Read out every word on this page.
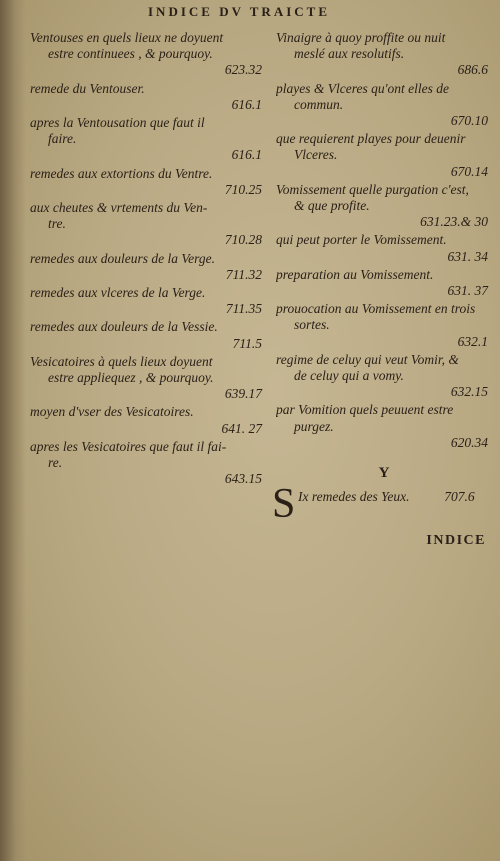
INDICE DV TRAICTE
Ventouses en quels lieux ne doyuent
estre continuees , & pourquoy.
623.32
remede du Ventouser.
616.1
apres la Ventousation que faut il
faire.
616.1
remedes aux extortions du Ventre.
710.25
aux cheutes & vrtements du Ven-
tre.
710.28
remedes aux douleurs de la Verge.
711.32
remedes aux vlceres de la Verge.
711.35
remedes aux douleurs de la Vessie.
711.5
Vesicatoires à quels lieux doyuent
estre appliequez , & pourquoy.
639.17
moyen d'vser des Vesicatoires.
641. 27
apres les Vesicatoires que faut il fai-
re.
643.15
Vinaigre à quoy proffite ou nuit
meslé aux resolutifs.
686.6
playes & Vlceres qu'ont elles de
commun.
670.10
que requierent playes pour deuenir
Vlceres.
670.14
Vomissement quelle purgation c'est,
& que profite.
631.23.& 30
qui peut porter le Vomissement.
631. 34
preparation au Vomissement.
631. 37
prouocation au Vomissement en trois
sortes.
632.1
regime de celuy qui veut Vomir, &
de celuy qui a vomy.
632.15
par Vomition quels peuuent estre
purgez.
620.34
Y
S Ix remedes des Yeux.	707.6
INDICE
